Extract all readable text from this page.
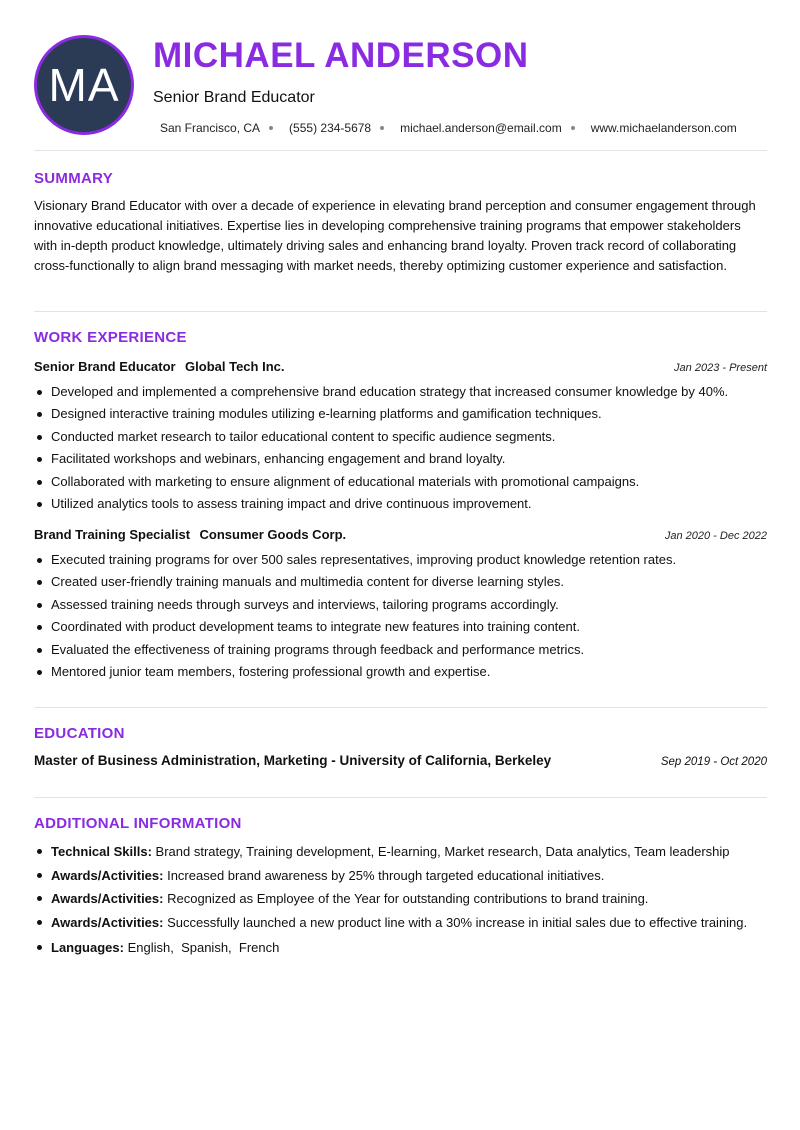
MA
MICHAEL ANDERSON
Senior Brand Educator
San Francisco, CA (555) 234-5678 michael.anderson@email.com www.michaelanderson.com
SUMMARY
Visionary Brand Educator with over a decade of experience in elevating brand perception and consumer engagement through innovative educational initiatives. Expertise lies in developing comprehensive training programs that empower stakeholders with in-depth product knowledge, ultimately driving sales and enhancing brand loyalty. Proven track record of collaborating cross-functionally to align brand messaging with market needs, thereby optimizing customer experience and satisfaction.
WORK EXPERIENCE
Senior Brand Educator Global Tech Inc.	Jan 2023 - Present
Developed and implemented a comprehensive brand education strategy that increased consumer knowledge by 40%.
Designed interactive training modules utilizing e-learning platforms and gamification techniques.
Conducted market research to tailor educational content to specific audience segments.
Facilitated workshops and webinars, enhancing engagement and brand loyalty.
Collaborated with marketing to ensure alignment of educational materials with promotional campaigns.
Utilized analytics tools to assess training impact and drive continuous improvement.
Brand Training Specialist Consumer Goods Corp.	Jan 2020 - Dec 2022
Executed training programs for over 500 sales representatives, improving product knowledge retention rates.
Created user-friendly training manuals and multimedia content for diverse learning styles.
Assessed training needs through surveys and interviews, tailoring programs accordingly.
Coordinated with product development teams to integrate new features into training content.
Evaluated the effectiveness of training programs through feedback and performance metrics.
Mentored junior team members, fostering professional growth and expertise.
EDUCATION
Master of Business Administration, Marketing - University of California, Berkeley	Sep 2019 - Oct 2020
ADDITIONAL INFORMATION
Technical Skills: Brand strategy, Training development, E-learning, Market research, Data analytics, Team leadership
Awards/Activities: Increased brand awareness by 25% through targeted educational initiatives.
Awards/Activities: Recognized as Employee of the Year for outstanding contributions to brand training.
Awards/Activities: Successfully launched a new product line with a 30% increase in initial sales due to effective training.
Languages: English,  Spanish,  French
